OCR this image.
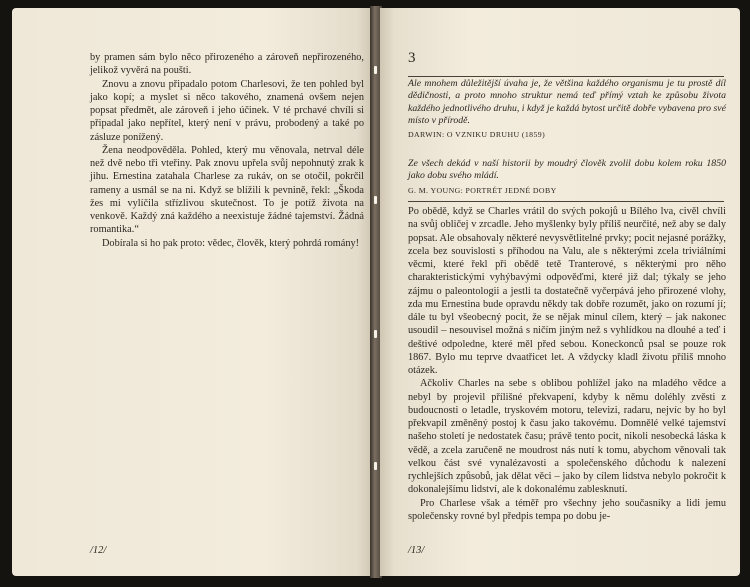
by pramen sám bylo něco přirozeného a zároveň nepřirozeného, jelikož vyvěrá na poušti.

Znovu a znovu připadalo potom Charlesovi, že ten pohled byl jako kopí; a myslet si něco takového, znamená ovšem nejen popsat předmět, ale zároveň i jeho účinek. V té prchavé chvíli si připadal jako nepřítel, který není v právu, probodený a také po zásluze ponížený.

Žena neodpověděla. Pohled, který mu věnovala, netrval déle než dvě nebo tři vteřiny. Pak znovu upřela svůj nepohnutý zrak k jihu. Ernestina zatahala Charlese za rukáv, on se otočil, pokrčil rameny a usmál se na ni. Když se blížili k pevnině, řekl: „Škoda žes mi vylíčila střízlivou skutečnost. To je potíž života na venkově. Každý zná každého a neexistuje žádné tajemství. Žádná romantika.“

Dobírala si ho pak proto: vědec, člověk, který pohrdá romány!

/12/
3
Ale mnohem důležitější úvaha je, že většina každého organismu je tu prostě díl dědičnosti, a proto mnoho struktur nemá teď přímý vztah ke způsobu života každého jednotlivého druhu, i když je každá bytost určitě dobře vybavena pro své místo v přírodě.
DARWIN: O VZNIKU DRUHU (1859)
Ze všech dekád v naší historii by moudrý člověk zvolil dobu kolem roku 1850 jako dobu svého mládí.
G. M. YOUNG: PORTRÉT JEDNÉ DOBY

Po obědě, když se Charles vrátil do svých pokojů u Bílého lva, civěl chvíli na svůj obličej v zrcadle. Jeho myšlenky byly příliš neurčité, než aby se daly popsat. Ale obsahovaly některé nevysvětlitelné prvky; pocit nejasné porážky, zcela bez souvislosti s příhodou na Valu, ale s některými zcela triviálními věcmi, které řekl při obědě tetě Tranterové, s některými pro něho charakteristickými vyhýbavými odpověďmi, které již dal; týkaly se jeho zájmu o paleontologii a jestli ta dostatečně vyčerpává jeho přirozené vlohy, zda mu Ernestina bude opravdu někdy tak dobře rozumět, jako on rozumí jí; dále tu byl všeobecný pocit, že se nějak minul cílem, který – jak nakonec usoudil – nesouvisel možná s ničím jiným než s vyhlídkou na dlouhé a teď i deštivé odpoledne, které měl před sebou. Koneckonců psal se pouze rok 1867. Bylo mu teprve dvaatřicet let. A vždycky kladl životu příliš mnoho otázek.

Ačkoliv Charles na sebe s oblibou pohlížel jako na mladého vědce a nebyl by projevil přílišné překvapení, kdyby k němu doléhly zvěsti z budoucnosti o letadle, tryskovém motoru, televizi, radaru, nejvíc by ho byl překvapil změněný postoj k času jako takovému. Domnělé velké tajemství našeho století je nedostatek času; právě tento pocit, nikoli nesobecká láska k vědě, a zcela zaručeně ne moudrost nás nutí k tomu, abychom věnovali tak velkou část své vynalézavosti a společenského důchodu k nalezení rychlejších způsobů, jak dělat věci – jako by cílem lidstva nebylo pokročit k dokonalejšímu lidství, ale k dokonalému zablesknutí.

Pro Charlese však a téměř pro všechny jeho současníky a lidi jemu společensky rovné byl předpis tempa po dobu je-

/13/
